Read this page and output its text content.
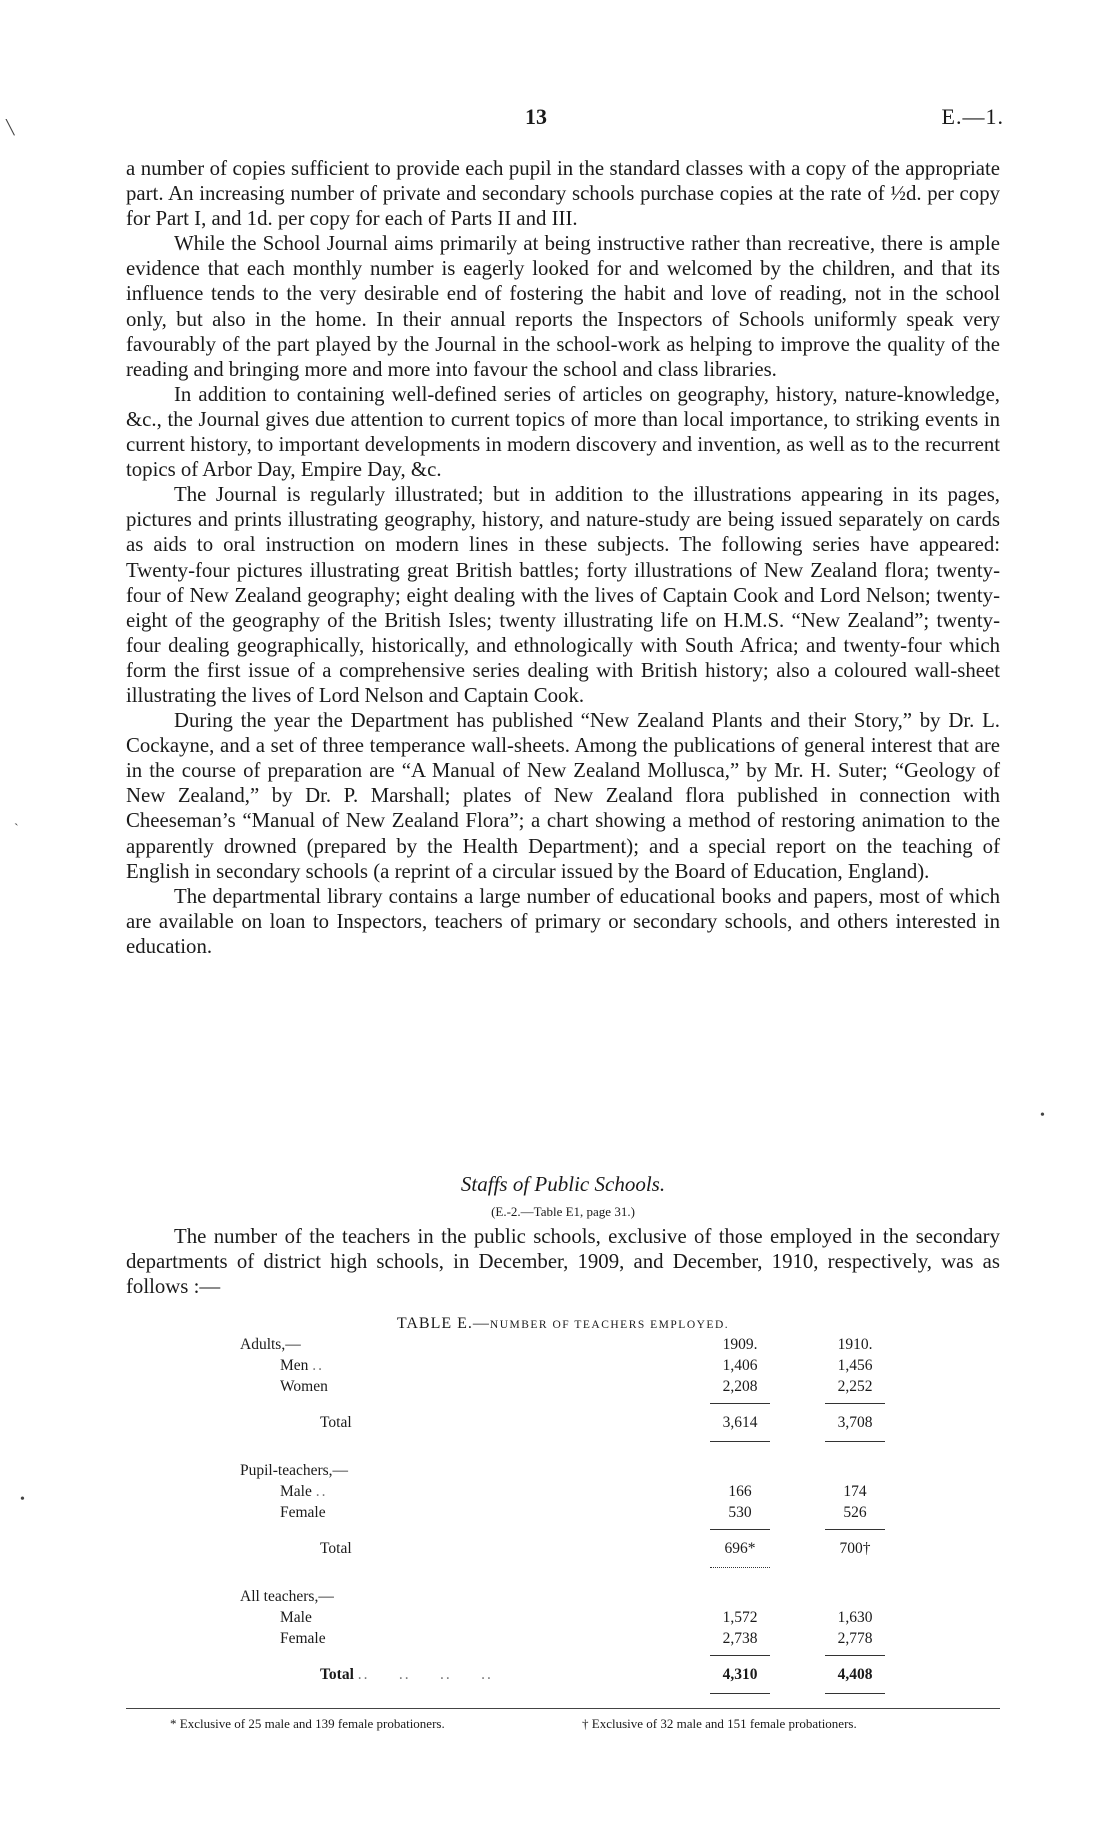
13	E.—1.
╲

a number of copies sufficient to provide each pupil in the standard classes with a copy of the appropriate part. An increasing number of private and secondary schools purchase copies at the rate of ½d. per copy for Part I, and 1d. per copy for each of Parts II and III.

While the School Journal aims primarily at being instructive rather than recreative, there is ample evidence that each monthly number is eagerly looked for and welcomed by the children, and that its influence tends to the very desirable end of fostering the habit and love of reading, not in the school only, but also in the home. In their annual reports the Inspectors of Schools uniformly speak very favourably of the part played by the Journal in the school-work as helping to improve the quality of the reading and bringing more and more into favour the school and class libraries.

In addition to containing well-defined series of articles on geography, history, nature-knowledge, &c., the Journal gives due attention to current topics of more than local importance, to striking events in current history, to important developments in modern discovery and invention, as well as to the recurrent topics of Arbor Day, Empire Day, &c.

The Journal is regularly illustrated; but in addition to the illustrations appearing in its pages, pictures and prints illustrating geography, history, and nature-study are being issued separately on cards as aids to oral instruction on modern lines in these subjects. The following series have appeared: Twenty-four pictures illustrating great British battles; forty illustrations of New Zealand flora; twenty-four of New Zealand geography; eight dealing with the lives of Captain Cook and Lord Nelson; twenty-eight of the geography of the British Isles; twenty illustrating life on H.M.S. “New Zealand”; twenty-four dealing geographically, historically, and ethnologically with South Africa; and twenty-four which form the first issue of a comprehensive series dealing with British history; also a coloured wall-sheet illustrating the lives of Lord Nelson and Captain Cook.

During the year the Department has published “New Zealand Plants and their Story,” by Dr. L. Cockayne, and a set of three temperance wall-sheets. Among the publications of general interest that are in the course of preparation are “A Manual of New Zealand Mollusca,” by Mr. H. Suter; “Geology of New Zealand,” by Dr. P. Marshall; plates of New Zealand flora published in connection with Cheeseman’s “Manual of New Zealand Flora”; a chart showing a method of restoring animation to the apparently drowned (prepared by the Health Department); and a special report on the teaching of English in secondary schools (a reprint of a circular issued by the Board of Education, England).

The departmental library contains a large number of educational books and papers, most of which are available on loan to Inspectors, teachers of primary or secondary schools, and others interested in education.

Staffs of Public Schools.
(E.-2.—Table E1, page 31.)

The number of the teachers in the public schools, exclusive of those employed in the secondary departments of district high schools, in December, 1909, and December, 1910, respectively, was as follows :—

TABLE E.—NUMBER OF TEACHERS EMPLOYED.
Adults,—	1909.	1910.
Men ..	1,406	1,456
Women	2,208	2,252
Total	3,614	3,708
Pupil-teachers,—
Male ..	166	174
Female	530	526
Total	696*	700†
All teachers,—
Male	1,572	1,630
Female	2,738	2,778
Total ..     ..     ..     ..	4,310	4,408
* Exclusive of 25 male and 139 female probationers.	† Exclusive of 32 male and 151 female probationers.
ˋ
•
•
